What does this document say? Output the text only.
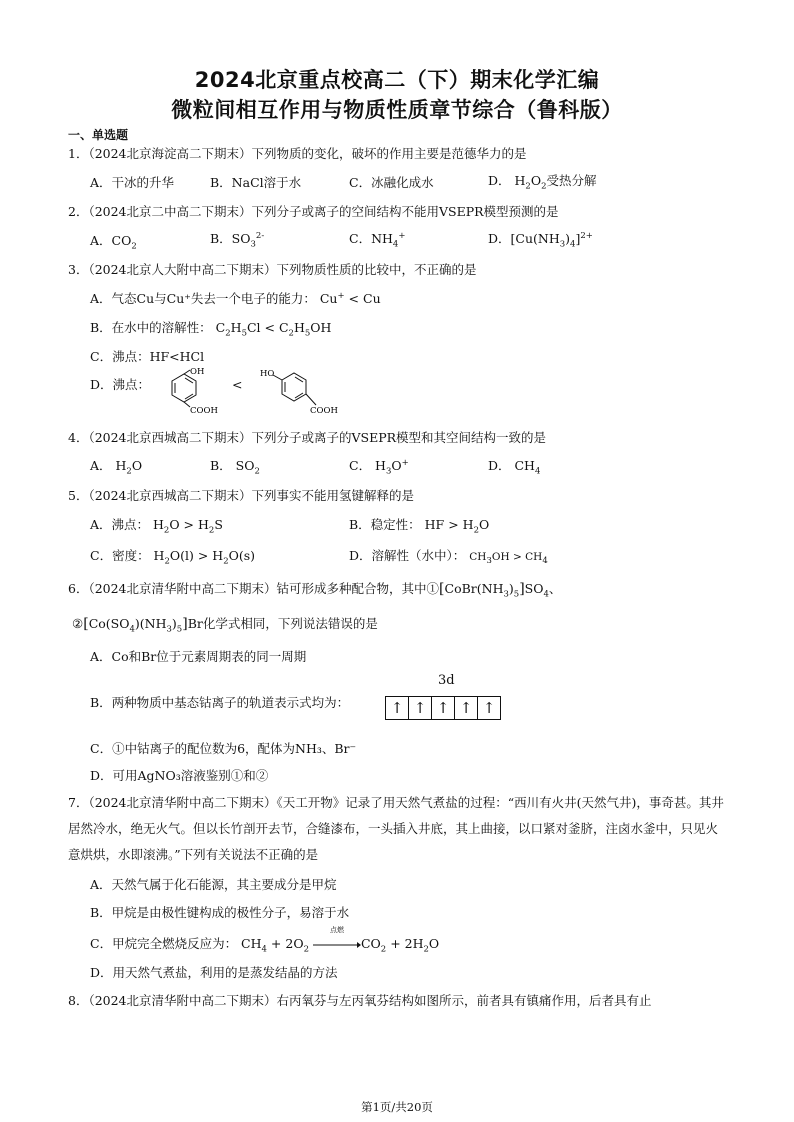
2024北京重点校高二（下）期末化学汇编
微粒间相互作用与物质性质章节综合（鲁科版）
一、单选题
1．（2024北京海淀高二下期末）下列物质的变化，破坏的作用主要是范德华力的是
A．干冰的升华	B．NaCl溶于水	C．冰融化成水	D． $H_2O_2$受热分解
2．（2024北京二中高二下期末）下列分子或离子的空间结构不能用VSEPR模型预测的是
A．$CO_2$
B．$SO_3^{2-}$	C．$NH_4^+$	D．$[Cu(NH_3)_4]^{2+}$
3．（2024北京人大附中高二下期末）下列物质性质的比较中，不正确的是
A．气态Cu与Cu⁺失去一个电子的能力： Cu+ < Cu
B．在水中的溶解性： $C_2H_5Cl < C_2H_5OH$
C．沸点：HF<HCl
D．沸点：
OH
COOH
<
HO
COOH
4．（2024北京西城高二下期末）下列分子或离子的VSEPR模型和其空间结构一致的是
A． $H_2O$	B． $SO_2$	C． $H_3O^+$	D． $CH_4$
5．（2024北京西城高二下期末）下列事实不能用氢键解释的是
A．沸点： $H_2O > H_2S$	B．稳定性： HF > $H_2O$
C．密度： $H_2O(l) > H_2O(s)$	D．溶解性（水中）： $CH_3OH > CH_4$
6．（2024北京清华附中高二下期末）钴可形成多种配合物，其中$①[CoBr(NH_3)_5]SO_4$、
$②[Co(SO_4)(NH_3)_5]Br$化学式相同，下列说法错误的是
A．Co和Br位于元素周期表的同一周期
B．两种物质中基态钴离子的轨道表示式均为：
3d
↑	↑	↑	↑	↑
C．①中钴离子的配位数为6，配体为NH₃、Br⁻
D．可用AgNO₃溶液鉴别①和②
7．（2024北京清华附中高二下期末）《天工开物》记录了用天然气煮盐的过程：“西川有火井(天然气井)，事奇甚。其井居然冷水，绝无火气。但以长竹剖开去节，合缝漆布，一头插入井底，其上曲接，以口紧对釜脐，注卤水釜中，只见火意烘烘，水即滚沸。”下列有关说法不正确的是
A．天然气属于化石能源，其主要成分是甲烷
B．甲烷是由极性键构成的极性分子，易溶于水
C．甲烷完全燃烧反应为： $CH_4 + 2O_2$
点燃
$CO_2 + 2H_2O$
D．用天然气煮盐，利用的是蒸发结晶的方法
8．（2024北京清华附中高二下期末）右丙氧芬与左丙氧芬结构如图所示，前者具有镇痛作用，后者具有止
第1页/共20页
